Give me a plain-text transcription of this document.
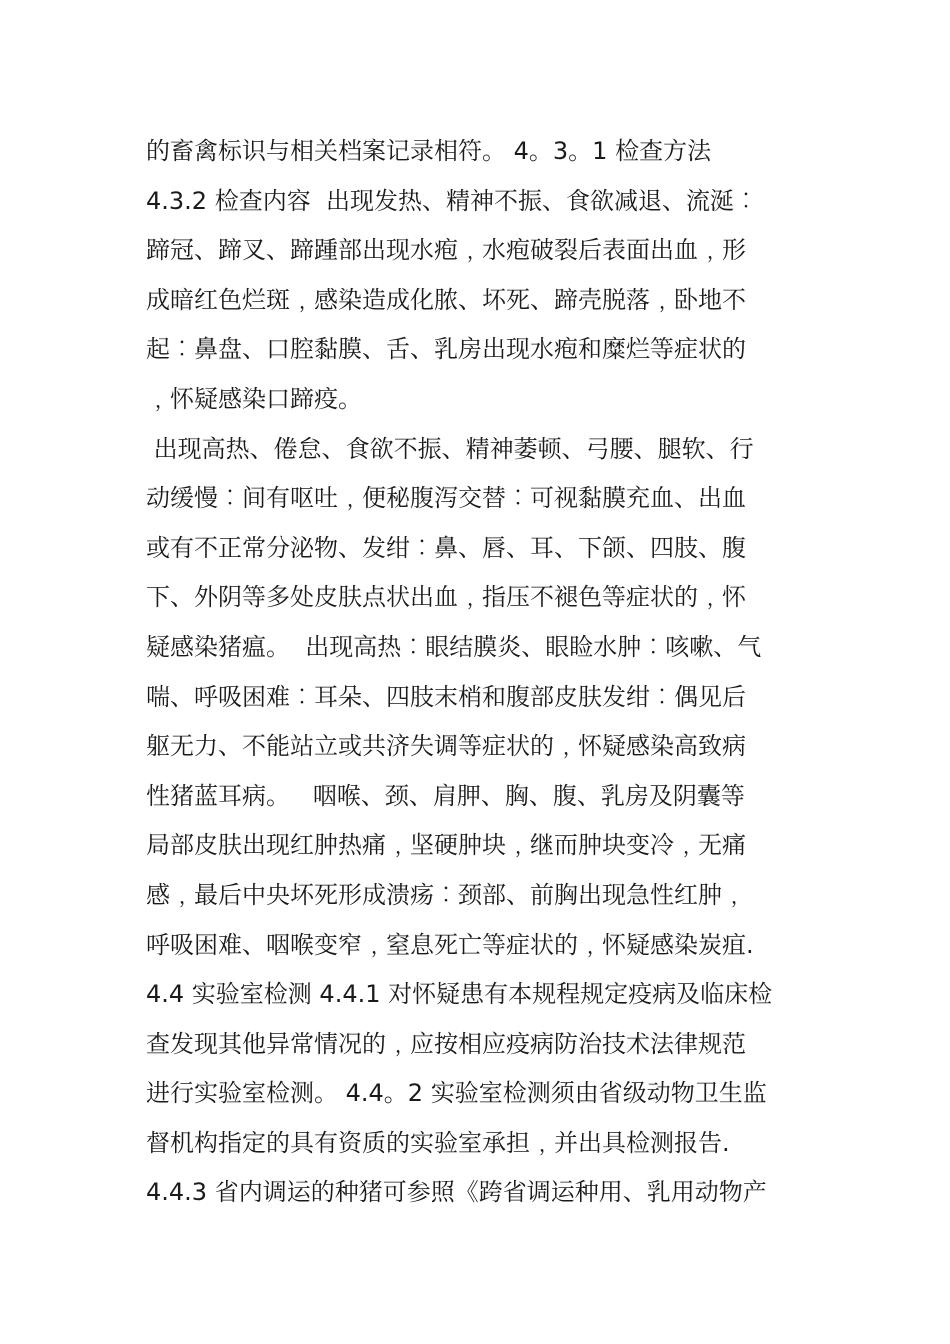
的畜禽标识与相关档案记录相符。 4。3。1 检查方法
4.3.2 检查内容  出现发热、精神不振、食欲减退、流涎︰
蹄冠、蹄叉、蹄踵部出现水疱﹐水疱破裂后表面出血﹐形
成暗红色烂斑﹐感染造成化脓、坏死、蹄壳脱落﹐卧地不
起︰鼻盘、口腔黏膜、舌、乳房出现水疱和糜烂等症状的
﹐怀疑感染口蹄疫。
出现高热、倦怠、食欲不振、精神萎顿、弓腰、腿软、行
动缓慢︰间有呕吐﹐便秘腹泻交替︰可视黏膜充血、出血
或有不正常分泌物、发绀︰鼻、唇、耳、下颌、四肢、腹
下、外阴等多处皮肤点状出血﹐指压不褪色等症状的﹐怀
疑感染猪瘟。  出现高热︰眼结膜炎、眼睑水肿︰咳嗽、气
喘、呼吸困难︰耳朵、四肢末梢和腹部皮肤发绀︰偶见后
躯无力、不能站立或共济失调等症状的﹐怀疑感染高致病
性猪蓝耳病。   咽喉、颈、肩胛、胸、腹、乳房及阴囊等
局部皮肤出现红肿热痛﹐坚硬肿块﹐继而肿块变冷﹐无痛
感﹐最后中央坏死形成溃疡︰颈部、前胸出现急性红肿﹐
呼吸困难、咽喉变窄﹐窒息死亡等症状的﹐怀疑感染炭疽.
4.4 实验室检测 4.4.1 对怀疑患有本规程规定疫病及临床检
查发现其他异常情况的﹐应按相应疫病防治技术法律规范
进行实验室检测。 4.4。2 实验室检测须由省级动物卫生监
督机构指定的具有资质的实验室承担﹐并出具检测报告.
4.4.3 省内调运的种猪可参照《跨省调运种用、乳用动物产
